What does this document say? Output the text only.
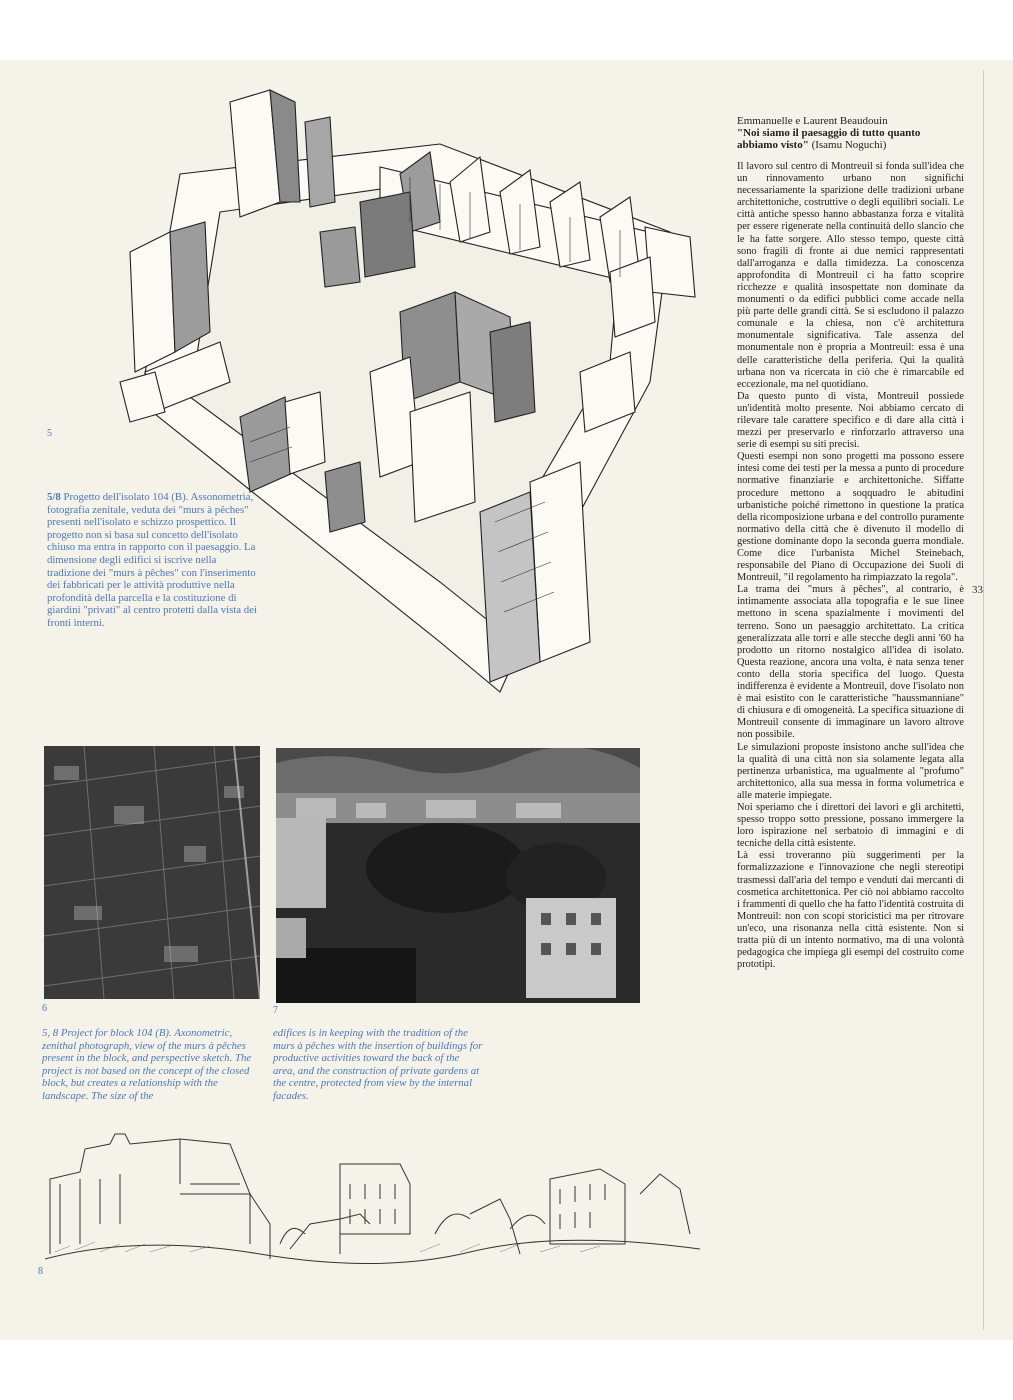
5
6	7
8
5/8 Progetto dell'isolato 104 (B). Assonometria, fotografia zenitale, veduta dei "murs à pêches" presenti nell'isolato e schizzo prospettico. Il progetto non si basa sul concetto dell'isolato chiuso ma entra in rapporto con il paesaggio. La dimensione degli edifici si iscrive nella tradizione dei "murs à pêches" con l'inserimento dei fabbricati per le attività produttive nella profondità della parcella e la costituzione di giardini "privati" al centro protetti dalla vista dei fronti interni.

5, 8 Project for block 104 (B). Axonometric, zenithal photograph, view of the murs à pêches present in the block, and perspective sketch. The project is not based on the concept of the closed block, but creates a relationship with the landscape. The size of the

edifices is in keeping with the tradition of the murs à pêches with the insertion of buildings for productive activities toward the back of the area, and the construction of private gardens at the centre, protected from view by the internal facades.

Emmanuelle e Laurent Beaudouin

"Noi siamo il paesaggio di tutto quanto abbiamo visto" (Isamu Noguchi)

Il lavoro sul centro di Montreuil si fonda sull'idea che un rinnovamento urbano non significhi necessariamente la sparizione delle tradizioni urbane architettoniche, costruttive o degli equilibri sociali. Le città antiche spesso hanno abbastanza forza e vitalità per essere rigenerate nella continuità dello slancio che le ha fatte sorgere. Allo stesso tempo, queste città sono fragili di fronte ai due nemici rappresentati dall'arroganza e dalla timidezza. La conoscenza approfondita di Montreuil ci ha fatto scoprire ricchezze e qualità insospettate non dominate da monumenti o da edifici pubblici come accade nella più parte delle grandi città. Se si escludono il palazzo comunale e la chiesa, non c'è architettura monumentale significativa. Tale assenza del monumentale non è propria a Montreuil: essa è una delle caratteristiche della periferia. Qui la qualità urbana non va ricercata in ciò che è rimarcabile ed eccezionale, ma nel quotidiano.

Da questo punto di vista, Montreuil possiede un'identità molto presente. Noi abbiamo cercato di rilevare tale carattere specifico e di dare alla città i mezzi per preservarlo e rinforzarlo attraverso una serie di esempi su siti precisi.

Questi esempi non sono progetti ma possono essere intesi come dei testi per la messa a punto di procedure normative finanziarie e architettoniche. Siffatte procedure mettono a soqquadro le abitudini urbanistiche poiché rimettono in questione la pratica della ricomposizione urbana e del controllo puramente normativo della città che è divenuto il modello di gestione dominante dopo la seconda guerra mondiale. Come dice l'urbanista Michel Steinebach, responsabile del Piano di Occupazione dei Suoli di Montreuil, "il regolamento ha rimpiazzato la regola".

La trama dei "murs à pêches", al contrario, è intimamente associata alla topografia e le sue linee mettono in scena spazialmente i movimenti del terreno. Sono un paesaggio architettato. La critica generalizzata alle torri e alle stecche degli anni '60 ha prodotto un ritorno nostalgico all'idea di isolato. Questa reazione, ancora una volta, è nata senza tener conto della storia specifica del luogo. Questa indifferenza è evidente a Montreuil, dove l'isolato non è mai esistito con le caratteristiche "haussmanniane" di chiusura e di omogeneità. La specifica situazione di Montreuil consente di immaginare un lavoro altrove non possibile.

Le simulazioni proposte insistono anche sull'idea che la qualità di una città non sia solamente legata alla pertinenza urbanistica, ma ugualmente al "profumo" architettonico, alla sua messa in forma volumetrica e alle materie impiegate.

Noi speriamo che i direttori dei lavori e gli architetti, spesso troppo sotto pressione, possano immergere la loro ispirazione nel serbatoio di immagini e di tecniche della città esistente.

Là essi troveranno più suggerimenti per la formalizzazione e l'innovazione che negli stereotipi trasmessi dall'aria del tempo e venduti dai mercanti di cosmetica architettonica. Per ciò noi abbiamo raccolto i frammenti di quello che ha fatto l'identità costruita di Montreuil: non con scopi storicistici ma per ritrovare un'eco, una risonanza nella città esistente. Non si tratta più di un intento normativo, ma di una volontà pedagogica che impiega gli esempi del costruito come prototipi.

33
